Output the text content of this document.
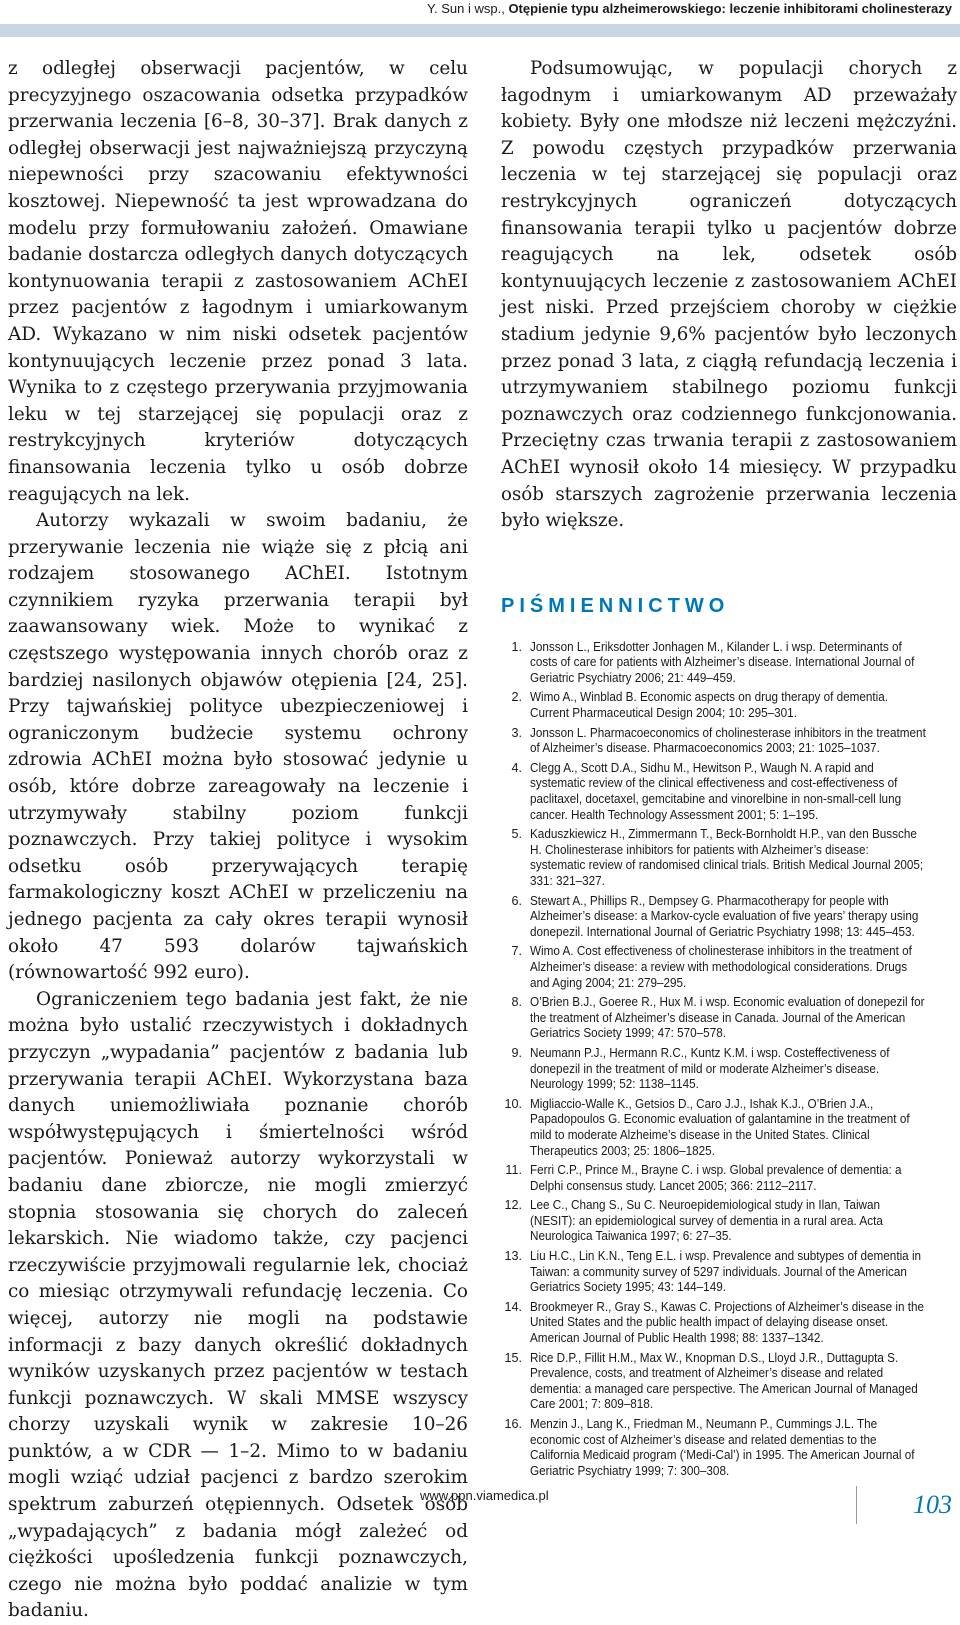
Y. Sun i wsp., Otępienie typu alzheimerowskiego: leczenie inhibitorami cholinesterazy

z odległej obserwacji pacjentów, w celu precyzyjnego oszacowania odsetka przypadków przerwania leczenia [6–8, 30–37]. Brak danych z odległej obserwacji jest najważniejszą przyczyną niepewności przy szacowaniu efektywności kosztowej. Niepewność ta jest wprowadzana do modelu przy formułowaniu założeń. Omawiane badanie dostarcza odległych danych dotyczących kontynuowania terapii z zastosowaniem AChEI przez pacjentów z łagodnym i umiarkowanym AD. Wykazano w nim niski odsetek pacjentów kontynuujących leczenie przez ponad 3 lata. Wynika to z częstego przerywania przyjmowania leku w tej starzejącej się populacji oraz z restrykcyjnych kryteriów dotyczących finansowania leczenia tylko u osób dobrze reagujących na lek.

Autorzy wykazali w swoim badaniu, że przerywanie leczenia nie wiąże się z płcią ani rodzajem stosowanego AChEI. Istotnym czynnikiem ryzyka przerwania terapii był zaawansowany wiek. Może to wynikać z częstszego występowania innych chorób oraz z bardziej nasilonych objawów otępienia [24, 25]. Przy tajwańskiej polityce ubezpieczeniowej i ograniczonym budżecie systemu ochrony zdrowia AChEI można było stosować jedynie u osób, które dobrze zareagowały na leczenie i utrzymywały stabilny poziom funkcji poznawczych. Przy takiej polityce i wysokim odsetku osób przerywających terapię farmakologiczny koszt AChEI w przeliczeniu na jednego pacjenta za cały okres terapii wynosił około 47 593 dolarów tajwańskich (równowartość 992 euro).

Ograniczeniem tego badania jest fakt, że nie można było ustalić rzeczywistych i dokładnych przyczyn „wypadania” pacjentów z badania lub przerywania terapii AChEI. Wykorzystana baza danych uniemożliwiała poznanie chorób współwystępujących i śmiertelności wśród pacjentów. Ponieważ autorzy wykorzystali w badaniu dane zbiorcze, nie mogli zmierzyć stopnia stosowania się chorych do zaleceń lekarskich. Nie wiadomo także, czy pacjenci rzeczywiście przyjmowali regularnie lek, chociaż co miesiąc otrzymywali refundację leczenia. Co więcej, autorzy nie mogli na podstawie informacji z bazy danych określić dokładnych wyników uzyskanych przez pacjentów w testach funkcji poznawczych. W skali MMSE wszyscy chorzy uzyskali wynik w zakresie 10–26 punktów, a w CDR — 1–2. Mimo to w badaniu mogli wziąć udział pacjenci z bardzo szerokim spektrum zaburzeń otępiennych. Odsetek osób „wypadających” z badania mógł zależeć od ciężkości upośledzenia funkcji poznawczych, czego nie można było poddać analizie w tym badaniu.

Podsumowując, w populacji chorych z łagodnym i umiarkowanym AD przeważały kobiety. Były one młodsze niż leczeni mężczyźni. Z powodu częstych przypadków przerwania leczenia w tej starzejącej się populacji oraz restrykcyjnych ograniczeń dotyczących finansowania terapii tylko u pacjentów dobrze reagujących na lek, odsetek osób kontynuujących leczenie z zastosowaniem AChEI jest niski. Przed przejściem choroby w ciężkie stadium jedynie 9,6% pacjentów było leczonych przez ponad 3 lata, z ciągłą refundacją leczenia i utrzymywaniem stabilnego poziomu funkcji poznawczych oraz codziennego funkcjonowania. Przeciętny czas trwania terapii z zastosowaniem AChEI wynosił około 14 miesięcy. W przypadku osób starszych zagrożenie przerwania leczenia było większe.

PIŚMIENNICTWO
1. Jonsson L., Eriksdotter Jonhagen M., Kilander L. i wsp. Determinants of costs of care for patients with Alzheimer’s disease. International Journal of Geriatric Psychiatry 2006; 21: 449–459.
2. Wimo A., Winblad B. Economic aspects on drug therapy of dementia. Current Pharmaceutical Design 2004; 10: 295–301.
3. Jonsson L. Pharmacoeconomics of cholinesterase inhibitors in the treatment of Alzheimer’s disease. Pharmacoeconomics 2003; 21: 1025–1037.
4. Clegg A., Scott D.A., Sidhu M., Hewitson P., Waugh N. A rapid and systematic review of the clinical effectiveness and cost-effectiveness of paclitaxel, docetaxel, gemcitabine and vinorelbine in non-small-cell lung cancer. Health Technology Assessment 2001; 5: 1–195.
5. Kaduszkiewicz H., Zimmermann T., Beck-Bornholdt H.P., van den Bussche H. Cholinesterase inhibitors for patients with Alzheimer’s disease: systematic review of randomised clinical trials. British Medical Journal 2005; 331: 321–327.
6. Stewart A., Phillips R., Dempsey G. Pharmacotherapy for people with Alzheimer’s disease: a Markov-cycle evaluation of five years’ therapy using donepezil. International Journal of Geriatric Psychiatry 1998; 13: 445–453.
7. Wimo A. Cost effectiveness of cholinesterase inhibitors in the treatment of Alzheimer’s disease: a review with methodological considerations. Drugs and Aging 2004; 21: 279–295.
8. O’Brien B.J., Goeree R., Hux M. i wsp. Economic evaluation of donepezil for the treatment of Alzheimer’s disease in Canada. Journal of the American Geriatrics Society 1999; 47: 570–578.
9. Neumann P.J., Hermann R.C., Kuntz K.M. i wsp. Costeffectiveness of donepezil in the treatment of mild or moderate Alzheimer’s disease. Neurology 1999; 52: 1138–1145.
10. Migliaccio-Walle K., Getsios D., Caro J.J., Ishak K.J., O’Brien J.A., Papadopoulos G. Economic evaluation of galantamine in the treatment of mild to moderate Alzheime’s disease in the United States. Clinical Therapeutics 2003; 25: 1806–1825.
11. Ferri C.P., Prince M., Brayne C. i wsp. Global prevalence of dementia: a Delphi consensus study. Lancet 2005; 366: 2112–2117.
12. Lee C., Chang S., Su C. Neuroepidemiological study in Ilan, Taiwan (NESIT): an epidemiological survey of dementia in a rural area. Acta Neurologica Taiwanica 1997; 6: 27–35.
13. Liu H.C., Lin K.N., Teng E.L. i wsp. Prevalence and subtypes of dementia in Taiwan: a community survey of 5297 individuals. Journal of the American Geriatrics Society 1995; 43: 144–149.
14. Brookmeyer R., Gray S., Kawas C. Projections of Alzheimer’s disease in the United States and the public health impact of delaying disease onset. American Journal of Public Health 1998; 88: 1337–1342.
15. Rice D.P., Fillit H.M., Max W., Knopman D.S., Lloyd J.R., Duttagupta S. Prevalence, costs, and treatment of Alzheimer’s disease and related dementia: a managed care perspective. The American Journal of Managed Care 2001; 7: 809–818.
16. Menzin J., Lang K., Friedman M., Neumann P., Cummings J.L. The economic cost of Alzheimer’s disease and related dementias to the California Medicaid program (‘Medi-Cal’) in 1995. The American Journal of Geriatric Psychiatry 1999; 7: 300–308.
www.ppn.viamedica.pl	103
